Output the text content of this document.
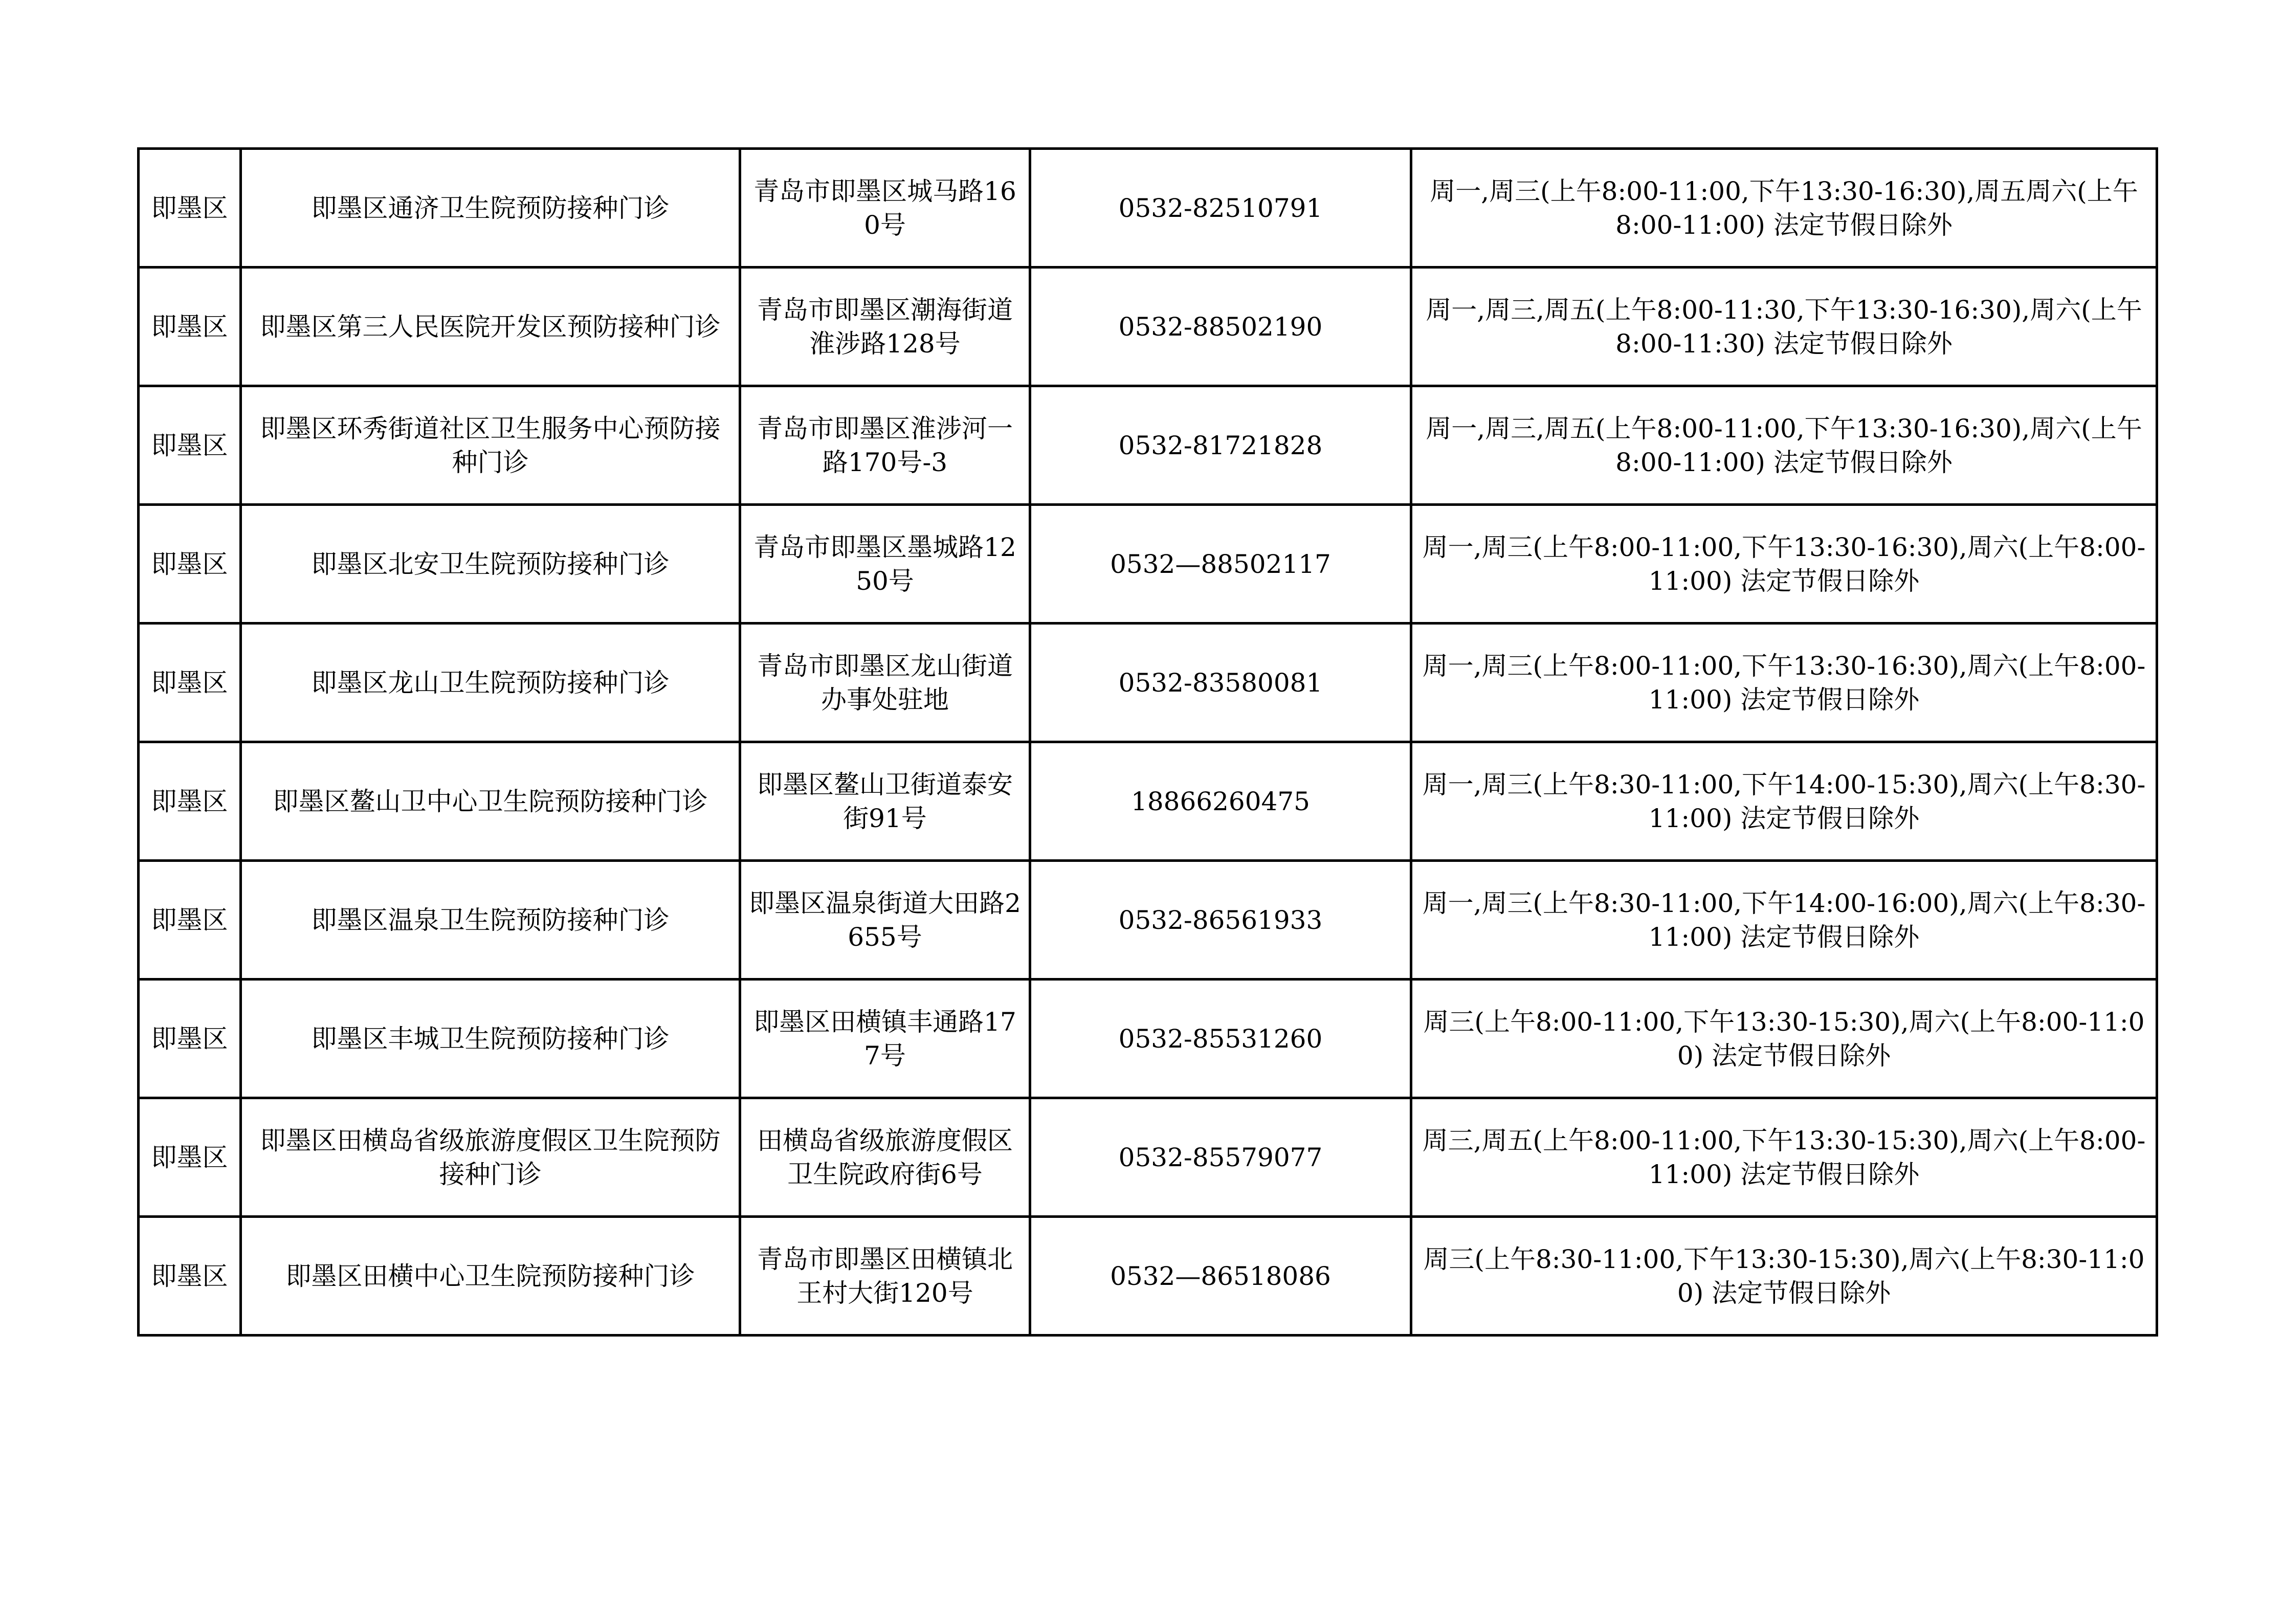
即墨区	即墨区通济卫生院预防接种门诊	青岛市即墨区城马路160号	0532-82510791	周一,周三(上午8:00-11:00,下午13:30-16:30),周五周六(上午8:00-11:00) 法定节假日除外
即墨区	即墨区第三人民医院开发区预防接种门诊	青岛市即墨区潮海街道淮涉路128号	0532-88502190	周一,周三,周五(上午8:00-11:30,下午13:30-16:30),周六(上午8:00-11:30) 法定节假日除外
即墨区	即墨区环秀街道社区卫生服务中心预防接种门诊	青岛市即墨区淮涉河一路170号-3	0532-81721828	周一,周三,周五(上午8:00-11:00,下午13:30-16:30),周六(上午8:00-11:00) 法定节假日除外
即墨区	即墨区北安卫生院预防接种门诊	青岛市即墨区墨城路1250号	0532—88502117	周一,周三(上午8:00-11:00,下午13:30-16:30),周六(上午8:00-11:00) 法定节假日除外
即墨区	即墨区龙山卫生院预防接种门诊	青岛市即墨区龙山街道办事处驻地	0532-83580081	周一,周三(上午8:00-11:00,下午13:30-16:30),周六(上午8:00-11:00) 法定节假日除外
即墨区	即墨区鳌山卫中心卫生院预防接种门诊	即墨区鳌山卫街道泰安街91号	18866260475	周一,周三(上午8:30-11:00,下午14:00-15:30),周六(上午8:30-11:00) 法定节假日除外
即墨区	即墨区温泉卫生院预防接种门诊	即墨区温泉街道大田路2655号	0532-86561933	周一,周三(上午8:30-11:00,下午14:00-16:00),周六(上午8:30-11:00) 法定节假日除外
即墨区	即墨区丰城卫生院预防接种门诊	即墨区田横镇丰通路177号	0532-85531260	周三(上午8:00-11:00,下午13:30-15:30),周六(上午8:00-11:00) 法定节假日除外
即墨区	即墨区田横岛省级旅游度假区卫生院预防接种门诊	田横岛省级旅游度假区卫生院政府街6号	0532-85579077	周三,周五(上午8:00-11:00,下午13:30-15:30),周六(上午8:00-11:00) 法定节假日除外
即墨区	即墨区田横中心卫生院预防接种门诊	青岛市即墨区田横镇北王村大街120号	0532—86518086	周三(上午8:30-11:00,下午13:30-15:30),周六(上午8:30-11:00) 法定节假日除外
